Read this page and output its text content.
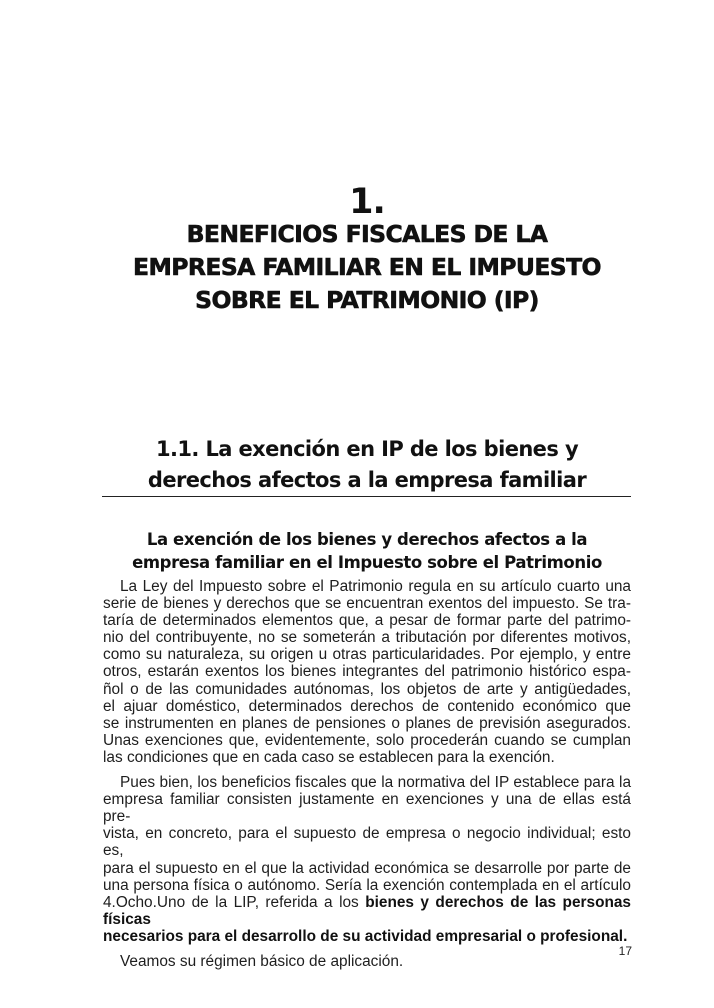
1.
BENEFICIOS FISCALES DE LA
EMPRESA FAMILIAR EN EL IMPUESTO
SOBRE EL PATRIMONIO (IP)
1.1. La exención en IP de los bienes y
derechos afectos a la empresa familiar
La exención de los bienes y derechos afectos a la
empresa familiar en el Impuesto sobre el Patrimonio
La Ley del Impuesto sobre el Patrimonio regula en su artículo cuarto una
serie de bienes y derechos que se encuentran exentos del impuesto. Se tra-
taría de determinados elementos que, a pesar de formar parte del patrimo-
nio del contribuyente, no se someterán a tributación por diferentes motivos,
como su naturaleza, su origen u otras particularidades. Por ejemplo, y entre
otros, estarán exentos los bienes integrantes del patrimonio histórico espa-
ñol o de las comunidades autónomas, los objetos de arte y antigüedades,
el ajuar doméstico, determinados derechos de contenido económico que
se instrumenten en planes de pensiones o planes de previsión asegurados.
Unas exenciones que, evidentemente, solo procederán cuando se cumplan
las condiciones que en cada caso se establecen para la exención.
Pues bien, los beneficios fiscales que la normativa del IP establece para la
empresa familiar consisten justamente en exenciones y una de ellas está pre-
vista, en concreto, para el supuesto de empresa o negocio individual; esto es,
para el supuesto en el que la actividad económica se desarrolle por parte de
una persona física o autónomo. Sería la exención contemplada en el artículo
4.Ocho.Uno de la LIP, referida a los bienes y derechos de las personas físicas
necesarios para el desarrollo de su actividad empresarial o profesional.
Veamos su régimen básico de aplicación.
17
